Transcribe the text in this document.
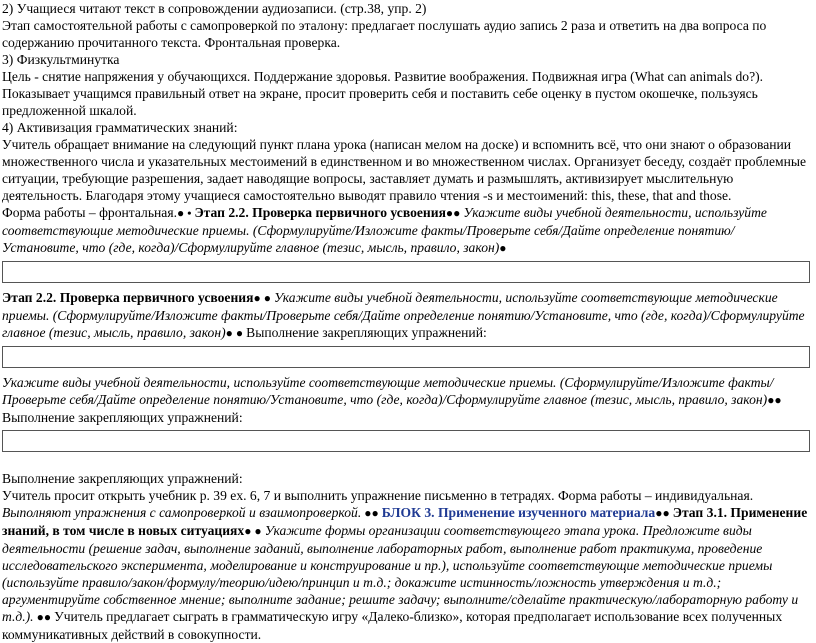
2) Учащиеся читают текст в сопровождении аудиозаписи. (стр.38, упр. 2)

Этап самостоятельной работы с самопроверкой по эталону: предлагает послушать аудио запись 2 раза и ответить на два вопроса по содержанию прочитанного текста. Фронтальная проверка.

3) Физкультминутка

Цель - снятие напряжения у обучающихся. Поддержание здоровья. Развитие воображения. Подвижная игра (What can animals do?). Показывает учащимся правильный ответ на экране, просит проверить себя и поставить себе оценку в пустом окошечке, пользуясь предложенной шкалой.

4) Активизация грамматических знаний:

Учитель обращает внимание на следующий пункт плана урока (написан мелом на доске) и вспомнить всё, что они знают о образовании множественного числа и указательных местоимений в единственном и во множественном числах. Организует беседу, создаёт проблемные ситуации, требующие разрешения, задает наводящие вопросы, заставляет думать и размышлять, активизирует мыслительную деятельность. Благодаря этому учащиеся самостоятельно выводят правило чтения -s и местоимений: this, these, that and those.

Форма работы – фронтальная.● • Этап 2.2. Проверка первичного усвоения●● Укажите виды учебной деятельности, используйте соответствующие методические приемы. (Сформулируйте/Изложите факты/Проверьте себя/Дайте определение понятию/Установите, что (где, когда)/Сформулируйте главное (тезис, мысль, правило, закон)●

Этап 2.2. Проверка первичного усвоения● ● Укажите виды учебной деятельности, используйте соответствующие методические приемы. (Сформулируйте/Изложите факты/Проверьте себя/Дайте определение понятию/Установите, что (где, когда)/Сформулируйте главное (тезис, мысль, правило, закон)● ● Выполнение закрепляющих упражнений:

Укажите виды учебной деятельности, используйте соответствующие методические приемы. (Сформулируйте/Изложите факты/Проверьте себя/Дайте определение понятию/Установите, что (где, когда)/Сформулируйте главное (тезис, мысль, правило, закон)●● Выполнение закрепляющих упражнений:

Выполнение закрепляющих упражнений:

Учитель просит открыть учебник р. 39 ex. 6, 7 и выполнить упражнение письменно в тетрадях. Форма работы – индивидуальная.

Выполняют упражнения с самопроверкой и взаимопроверкой. ●● БЛОК 3. Применение изученного материала●● Этап 3.1. Применение знаний, в том числе в новых ситуациях● ● Укажите формы организации соответствующего этапа урока. Предложите виды деятельности (решение задач, выполнение заданий, выполнение лабораторных работ, выполнение работ практикума, проведение исследовательского эксперимента, моделирование и конструирование и пр.), используйте соответствующие методические приемы (используйте правило/закон/формулу/теорию/идею/принцип и т.д.; докажите истинность/ложность утверждения и т.д.; аргументируйте собственное мнение; выполните задание; решите задачу; выполните/сделайте практическую/лабораторную работу и т.д.). ●● Учитель предлагает сыграть в грамматическую игру «Далеко-близко», которая предполагает использование всех полученных коммуникативных действий в совокупности.
